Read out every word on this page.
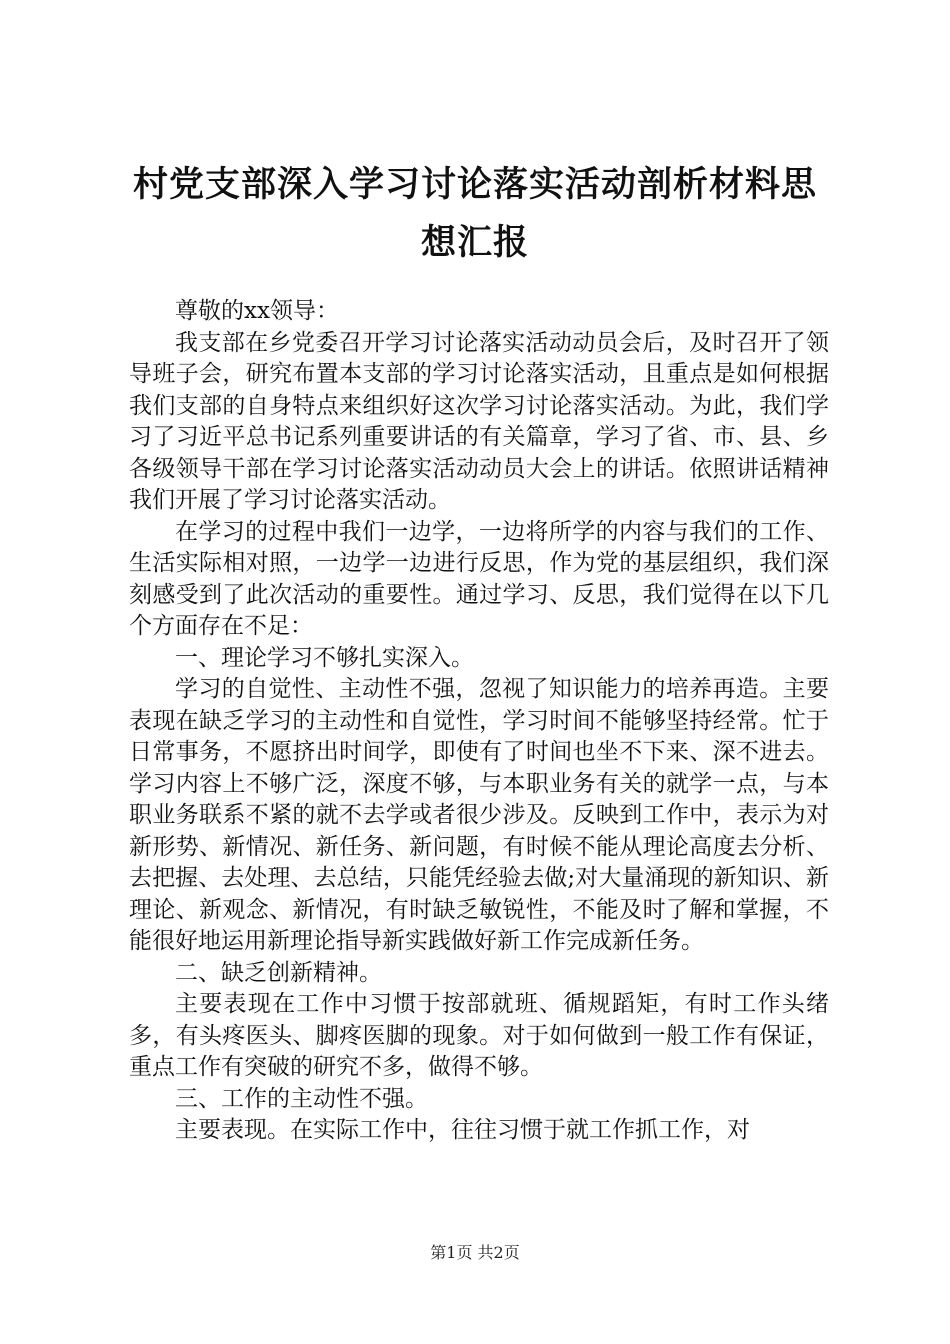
村党支部深入学习讨论落实活动剖析材料思想汇报

尊敬的xx领导：

我支部在乡党委召开学习讨论落实活动动员会后，及时召开了领导班子会，研究布置本支部的学习讨论落实活动，且重点是如何根据我们支部的自身特点来组织好这次学习讨论落实活动。为此，我们学习了习近平总书记系列重要讲话的有关篇章，学习了省、市、县、乡各级领导干部在学习讨论落实活动动员大会上的讲话。依照讲话精神我们开展了学习讨论落实活动。

在学习的过程中我们一边学，一边将所学的内容与我们的工作、生活实际相对照，一边学一边进行反思，作为党的基层组织，我们深刻感受到了此次活动的重要性。通过学习、反思，我们觉得在以下几个方面存在不足：

一、理论学习不够扎实深入。

学习的自觉性、主动性不强，忽视了知识能力的培养再造。主要表现在缺乏学习的主动性和自觉性，学习时间不能够坚持经常。忙于日常事务，不愿挤出时间学，即使有了时间也坐不下来、深不进去。学习内容上不够广泛，深度不够，与本职业务有关的就学一点，与本职业务联系不紧的就不去学或者很少涉及。反映到工作中，表示为对新形势、新情况、新任务、新问题，有时候不能从理论高度去分析、去把握、去处理、去总结，只能凭经验去做;对大量涌现的新知识、新理论、新观念、新情况，有时缺乏敏锐性，不能及时了解和掌握，不能很好地运用新理论指导新实践做好新工作完成新任务。

二、缺乏创新精神。

主要表现在工作中习惯于按部就班、循规蹈矩，有时工作头绪多，有头疼医头、脚疼医脚的现象。对于如何做到一般工作有保证，重点工作有突破的研究不多，做得不够。

三、工作的主动性不强。

主要表现。在实际工作中，往往习惯于就工作抓工作，对

第1页 共2页
